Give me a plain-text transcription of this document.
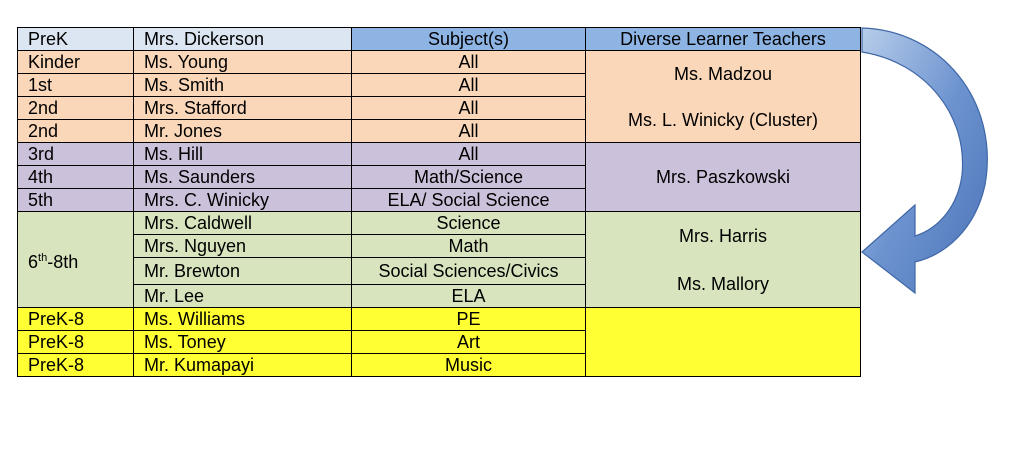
PreK	Mrs. Dickerson	Subject(s)	Diverse Learner Teachers
Kinder	Ms. Young	All	Ms. Madzou
Ms. L. Winicky (Cluster)

1st	Ms. Smith	All	
2nd	Mrs. Stafford	All	
2nd	Mr. Jones	All	
3rd	Ms. Hill	All	Mrs. Paszkowski

4th	Ms. Saunders	Math/Science	
5th	Mrs. C. Winicky	ELA/ Social Science	
6th-8th	Mrs. Caldwell	Science	Mrs. Harris
Ms. Mallory

	Mrs. Nguyen	Math	
	Mr. Brewton	Social Sciences/Civics	
	Mr. Lee	ELA	
PreK-8	Ms. Williams	PE	
PreK-8	Ms. Toney	Art	
PreK-8	Mr. Kumapayi	Music	
